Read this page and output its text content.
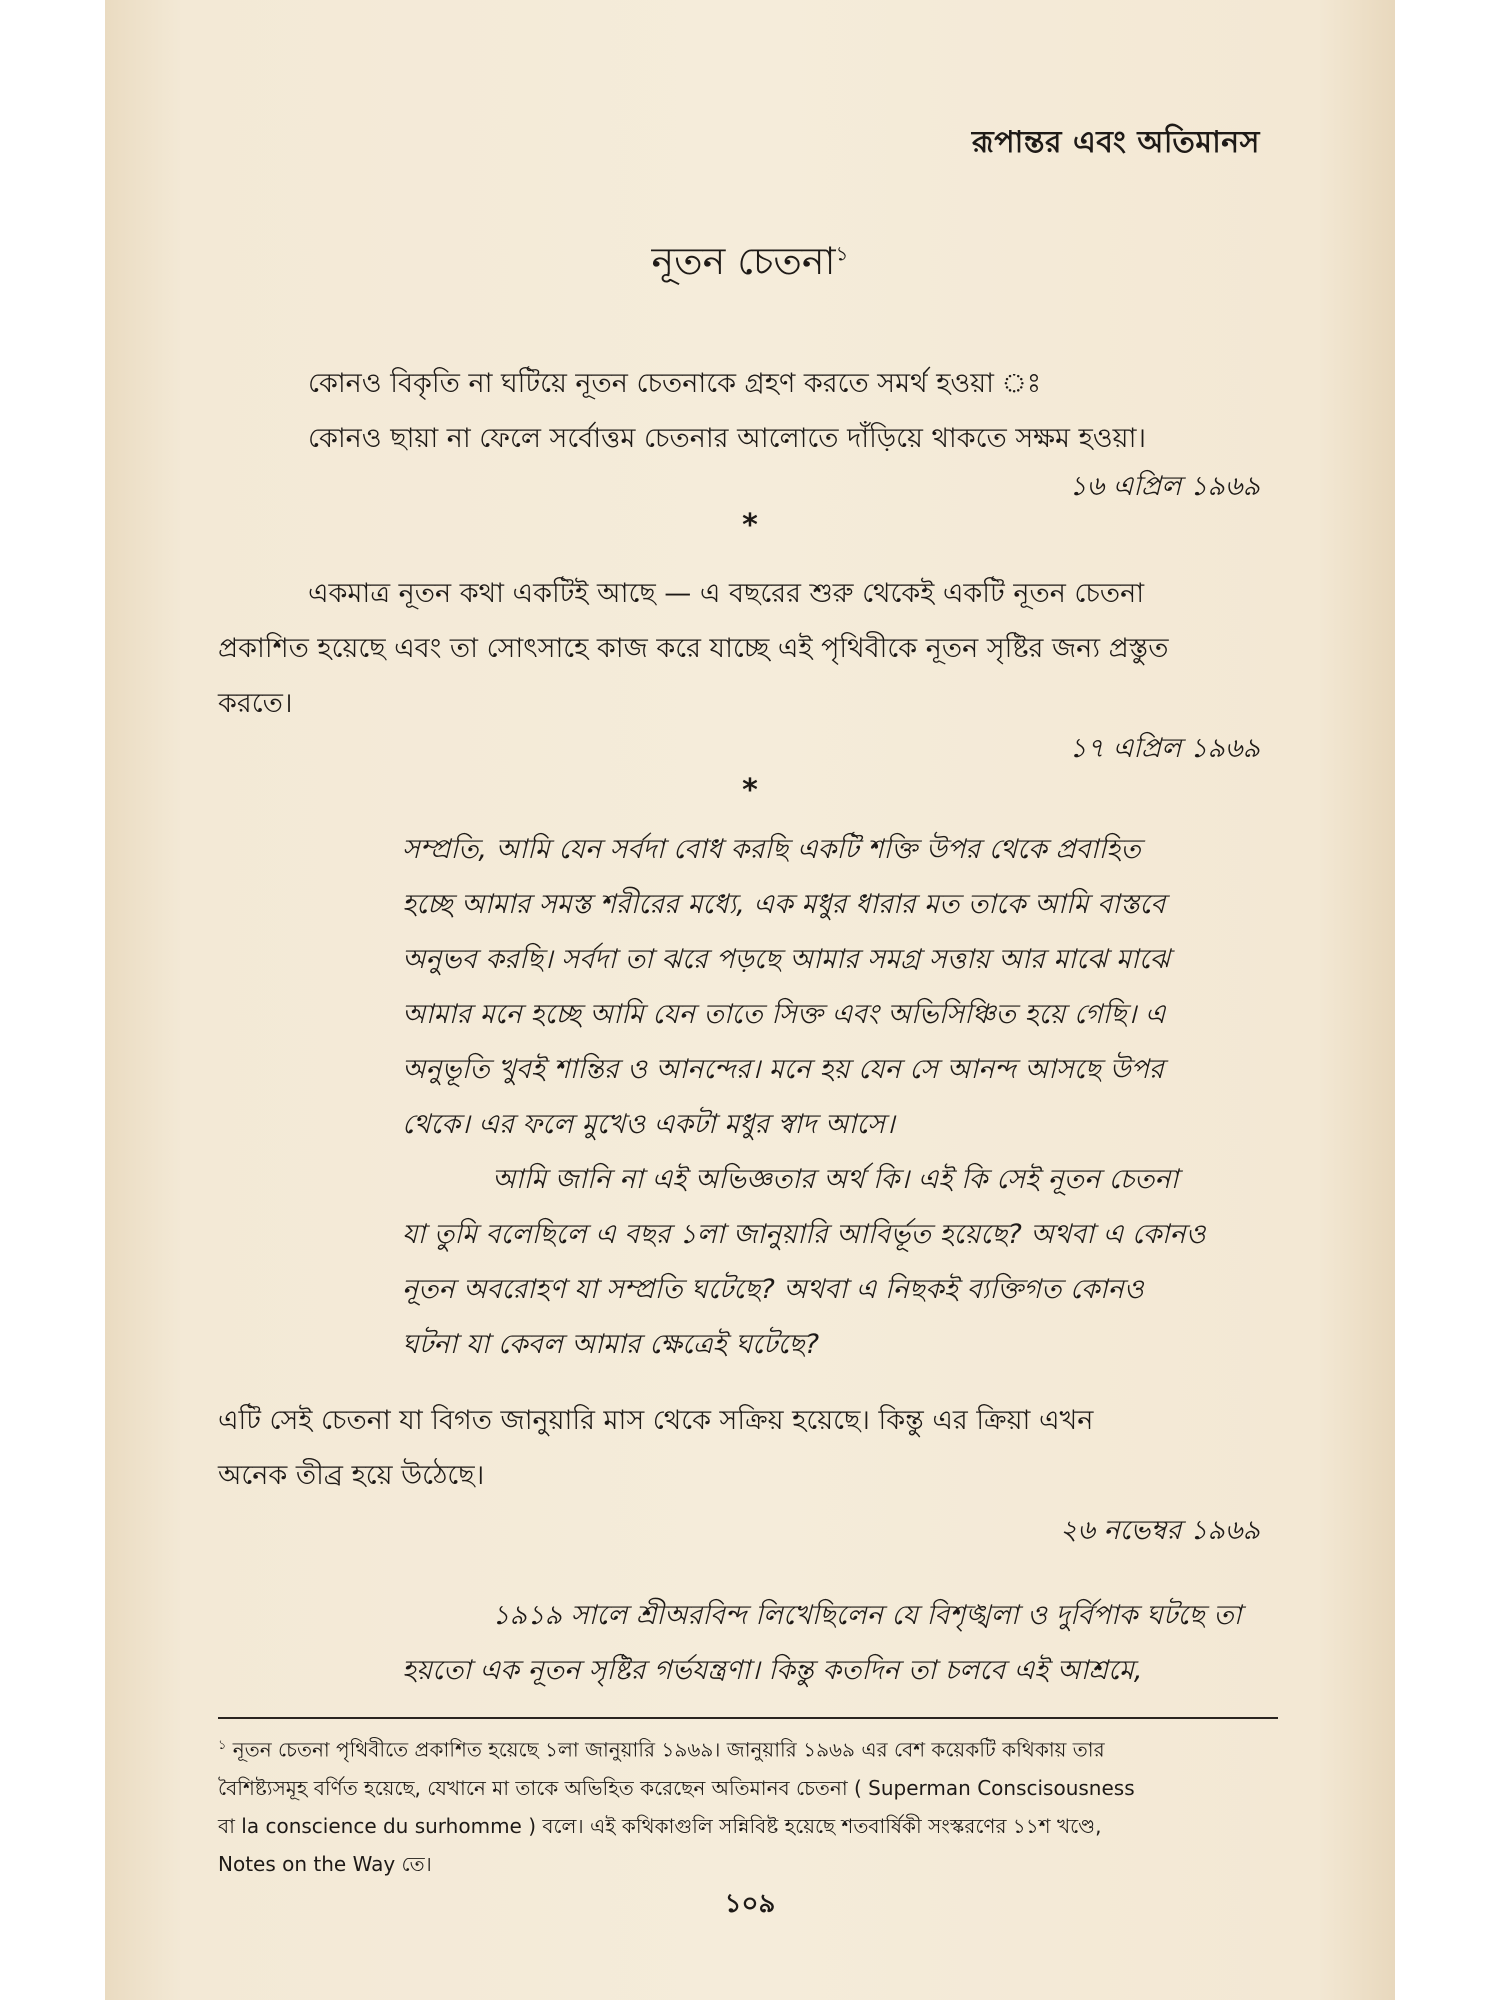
রূপান্তর এবং অতিমানস
নূতন চেতনা$^১$
কোনও বিকৃতি না ঘটিয়ে নূতন চেতনাকে গ্রহণ করতে সমর্থ হওয়া ঃ
কোনও ছায়া না ফেলে সর্বোত্তম চেতনার আলোতে দাঁড়িয়ে থাকতে সক্ষম হওয়া।
১৬ এপ্রিল ১৯৬৯
*
একমাত্র নূতন কথা একটিই আছে — এ বছরের শুরু থেকেই একটি নূতন চেতনা
প্রকাশিত হয়েছে এবং তা সোৎসাহে কাজ করে যাচ্ছে এই পৃথিবীকে নূতন সৃষ্টির জন্য প্রস্তুত
করতে।
১৭ এপ্রিল ১৯৬৯
*
সম্প্রতি, আমি যেন সর্বদা বোধ করছি একটি শক্তি উপর থেকে প্রবাহিত
হচ্ছে আমার সমস্ত শরীরের মধ্যে, এক মধুর ধারার মত তাকে আমি বাস্তবে
অনুভব করছি। সর্বদা তা ঝরে পড়ছে আমার সমগ্র সত্তায় আর মাঝে মাঝে
আমার মনে হচ্ছে আমি যেন তাতে সিক্ত এবং অভিসিঞ্চিত হয়ে গেছি। এ
অনুভূতি খুবই শান্তির ও আনন্দের। মনে হয় যেন সে আনন্দ আসছে উপর
থেকে। এর ফলে মুখেও একটা মধুর স্বাদ আসে।
আমি জানি না এই অভিজ্ঞতার অর্থ কি। এই কি সেই নূতন চেতনা
যা তুমি বলেছিলে এ বছর ১লা জানুয়ারি আবির্ভূত হয়েছে? অথবা এ কোনও
নূতন অবরোহণ যা সম্প্রতি ঘটেছে? অথবা এ নিছকই ব্যক্তিগত কোনও
ঘটনা যা কেবল আমার ক্ষেত্রেই ঘটেছে?
এটি সেই চেতনা যা বিগত জানুয়ারি মাস থেকে সক্রিয় হয়েছে। কিন্তু এর ক্রিয়া এখন
অনেক তীব্র হয়ে উঠেছে।
২৬ নভেম্বর ১৯৬৯
১৯১৯ সালে শ্রীঅরবিন্দ লিখেছিলেন যে বিশৃঙ্খলা ও দুর্বিপাক ঘটছে তা
হয়তো এক নূতন সৃষ্টির গর্ভযন্ত্রণা। কিন্তু কতদিন তা চলবে এই আশ্রমে,
$^১$ নূতন চেতনা পৃথিবীতে প্রকাশিত হয়েছে ১লা জানুয়ারি ১৯৬৯। জানুয়ারি ১৯৬৯ এর বেশ কয়েকটি কথিকায় তার
বৈশিষ্ট্যসমূহ বর্ণিত হয়েছে, যেখানে মা তাকে অভিহিত করেছেন অতিমানব চেতনা ( Superman Conscisousness
বা la conscience du surhomme ) বলে। এই কথিকাগুলি সন্নিবিষ্ট হয়েছে শতবার্ষিকী সংস্করণের ১১শ খণ্ডে,
Notes on the Way তে।
১০৯
